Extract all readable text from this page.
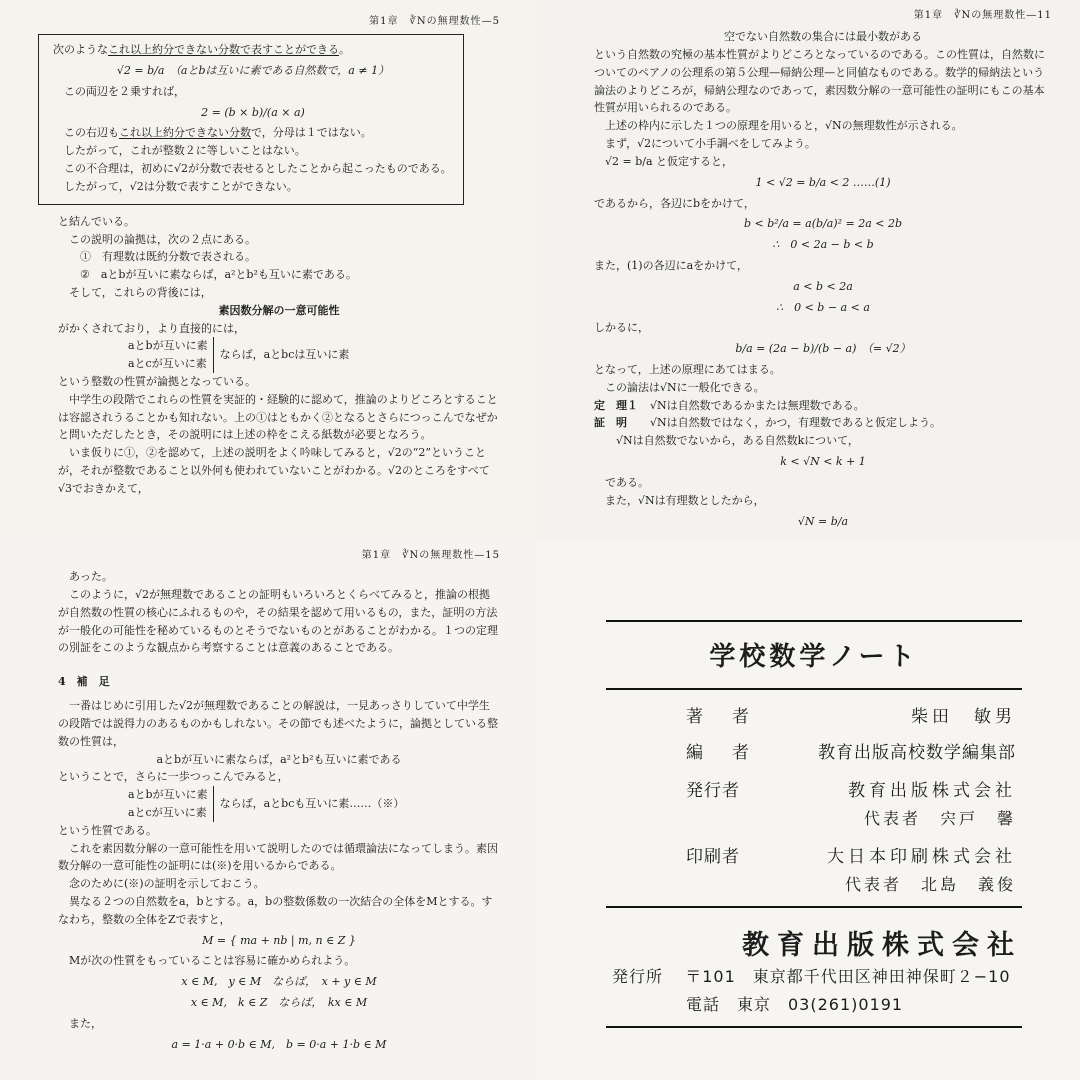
第1章　∛Nの無理数性—5
次のようなこれ以上約分できない分数で表すことができる。
√2 = b/a　（aとbは互いに素である自然数で，a ≠ 1）
この両辺を２乗すれば，
2 = (b × b)/(a × a)
この右辺もこれ以上約分できない分数で，分母は１ではない。
したがって，これが整数２に等しいことはない。
この不合理は，初めに√2が分数で表せるとしたことから起こったものである。
したがって，√2は分数で表すことができない。
と結んでいる。
この説明の論拠は，次の２点にある。
①　有理数は既約分数で表される。
②　aとbが互いに素ならば，a²とb²も互いに素である。
そして，これらの背後には，
素因数分解の一意可能性
がかくされており，より直接的には，
aとbが互いに素
aとcが互いに素
ならば，aとbcは互いに素
という整数の性質が論拠となっている。
中学生の段階でこれらの性質を実証的・経験的に認めて，推論のよりどころとすることは容認されうることかも知れない。上の①はともかく②となるとさらにつっこんでなぜかと問いただしたとき，その説明には上述の枠をこえる紙数が必要となろう。
いま仮りに①，②を認めて，上述の説明をよく吟味してみると，√2の“2”ということが，それが整数であること以外何も使われていないことがわかる。√2のところをすべて√3でおきかえて，
第1章　∛Nの無理数性—11
空でない自然数の集合には最小数がある
という自然数の究極の基本性質がよりどころとなっているのである。この性質は，自然数についてのペアノの公理系の第５公理—帰納公理—と同値なものである。数学的帰納法という論法のよりどころが，帰納公理なのであって，素因数分解の一意可能性の証明にもこの基本性質が用いられるのである。
上述の枠内に示した１つの原理を用いると，√Nの無理数性が示される。
まず，√2について小手調べをしてみよう。
√2 = b/a と仮定すると，
1 < √2 = b/a < 2 ……(1)
であるから，各辺にbをかけて，
b < b²/a = a(b/a)² = 2a < 2b
∴　0 < 2a − b < b
また，(1)の各辺にaをかけて，
a < b < 2a
∴　0 < b − a < a
しかるに，
b/a = (2a − b)/(b − a)　（= √2）
となって，上述の原理にあてはまる。
この論法は√Nに一般化できる。
定　理１ √Nは自然数であるかまたは無理数である。
証　明 √Nは自然数ではなく，かつ，有理数であると仮定しよう。
√Nは自然数でないから，ある自然数kについて，
k < √N < k + 1
である。
また，√Nは有理数としたから，
√N = b/a
第1章　∛Nの無理数性—15
あった。
このように，√2が無理数であることの証明もいろいろとくらべてみると，推論の根拠が自然数の性質の核心にふれるものや，その結果を認めて用いるもの，また，証明の方法が一般化の可能性を秘めているものとそうでないものとがあることがわかる。１つの定理の別証をこのような観点から考察することは意義のあることである。
4　補　足
一番はじめに引用した√2が無理数であることの解説は，一見あっさりしていて中学生の段階では説得力のあるものかもしれない。その節でも述べたように，論拠としている整数の性質は，
aとbが互いに素ならば，a²とb²も互いに素である
ということで，さらに一歩つっこんでみると，
aとbが互いに素
aとcが互いに素
ならば，aとbcも互いに素……（※）
という性質である。
これを素因数分解の一意可能性を用いて説明したのでは循環論法になってしまう。素因数分解の一意可能性の証明には(※)を用いるからである。
念のために(※)の証明を示しておこう。
異なる２つの自然数をa，bとする。a，bの整数係数の一次結合の全体をMとする。すなわち，整数の全体をZで表すと，
M = { ma + nb | m, n ∈ Z }
Mが次の性質をもっていることは容易に確かめられよう。
x ∈ M,　y ∈ M　ならば，　x + y ∈ M
x ∈ M,　k ∈ Z　ならば，　kx ∈ M
また，
a = 1·a + 0·b ∈ M,　b = 0·a + 1·b ∈ M
学校数学ノート
著　者	柴田　敏男
編　者	教育出版高校数学編集部
発行者	教育出版株式会社
代表者　宍戸　馨
印刷者	大日本印刷株式会社
代表者　北島　義俊
教育出版株式会社
発行所 〒101　東京都千代田区神田神保町２−10
電話　東京　03(261)0191
